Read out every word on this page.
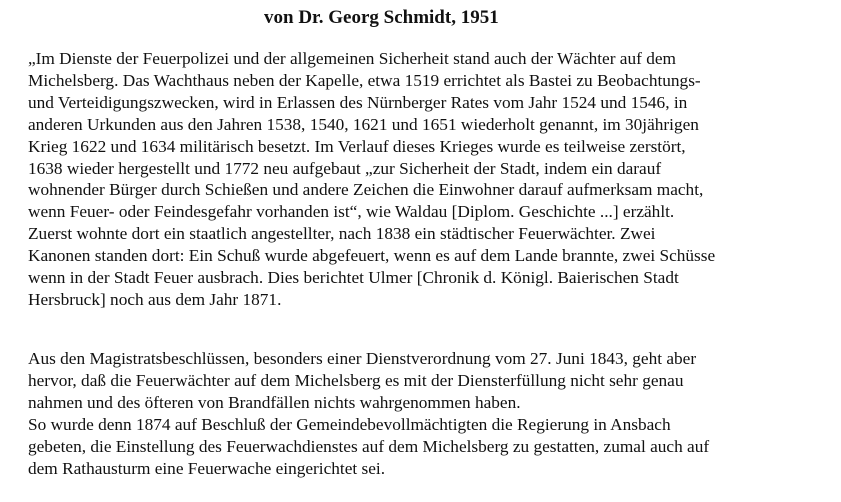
von Dr. Georg Schmidt, 1951
„Im Dienste der Feuerpolizei und der allgemeinen Sicherheit stand auch der Wächter auf dem
Michelsberg. Das Wachthaus neben der Kapelle, etwa 1519 errichtet als Bastei zu Beobachtungs-
und Verteidigungszwecken, wird in Erlassen des Nürnberger Rates vom Jahr 1524 und 1546, in
anderen Urkunden aus den Jahren 1538, 1540, 1621 und 1651 wiederholt genannt, im 30jährigen
Krieg 1622 und 1634 militärisch besetzt. Im Verlauf dieses Krieges wurde es teilweise zerstört,
1638 wieder hergestellt und 1772 neu aufgebaut „zur Sicherheit der Stadt, indem ein darauf
wohnender Bürger durch Schießen und andere Zeichen die Einwohner darauf aufmerksam macht,
wenn Feuer- oder Feindesgefahr vorhanden ist“, wie Waldau [Diplom. Geschichte ...] erzählt.
Zuerst wohnte dort ein staatlich angestellter, nach 1838 ein städtischer Feuerwächter. Zwei
Kanonen standen dort: Ein Schuß wurde abgefeuert, wenn es auf dem Lande brannte, zwei Schüsse
wenn in der Stadt Feuer ausbrach. Dies berichtet Ulmer [Chronik d. Königl. Baierischen Stadt
Hersbruck] noch aus dem Jahr 1871.
Aus den Magistratsbeschlüssen, besonders einer Dienstverordnung vom 27. Juni 1843, geht aber
hervor, daß die Feuerwächter auf dem Michelsberg es mit der Diensterfüllung nicht sehr genau
nahmen und des öfteren von Brandfällen nichts wahrgenommen haben.
So wurde denn 1874 auf Beschluß der Gemeindebevollmächtigten die Regierung in Ansbach
gebeten, die Einstellung des Feuerwachdienstes auf dem Michelsberg zu gestatten, zumal auch auf
dem Rathausturm eine Feuerwache eingerichtet sei.
